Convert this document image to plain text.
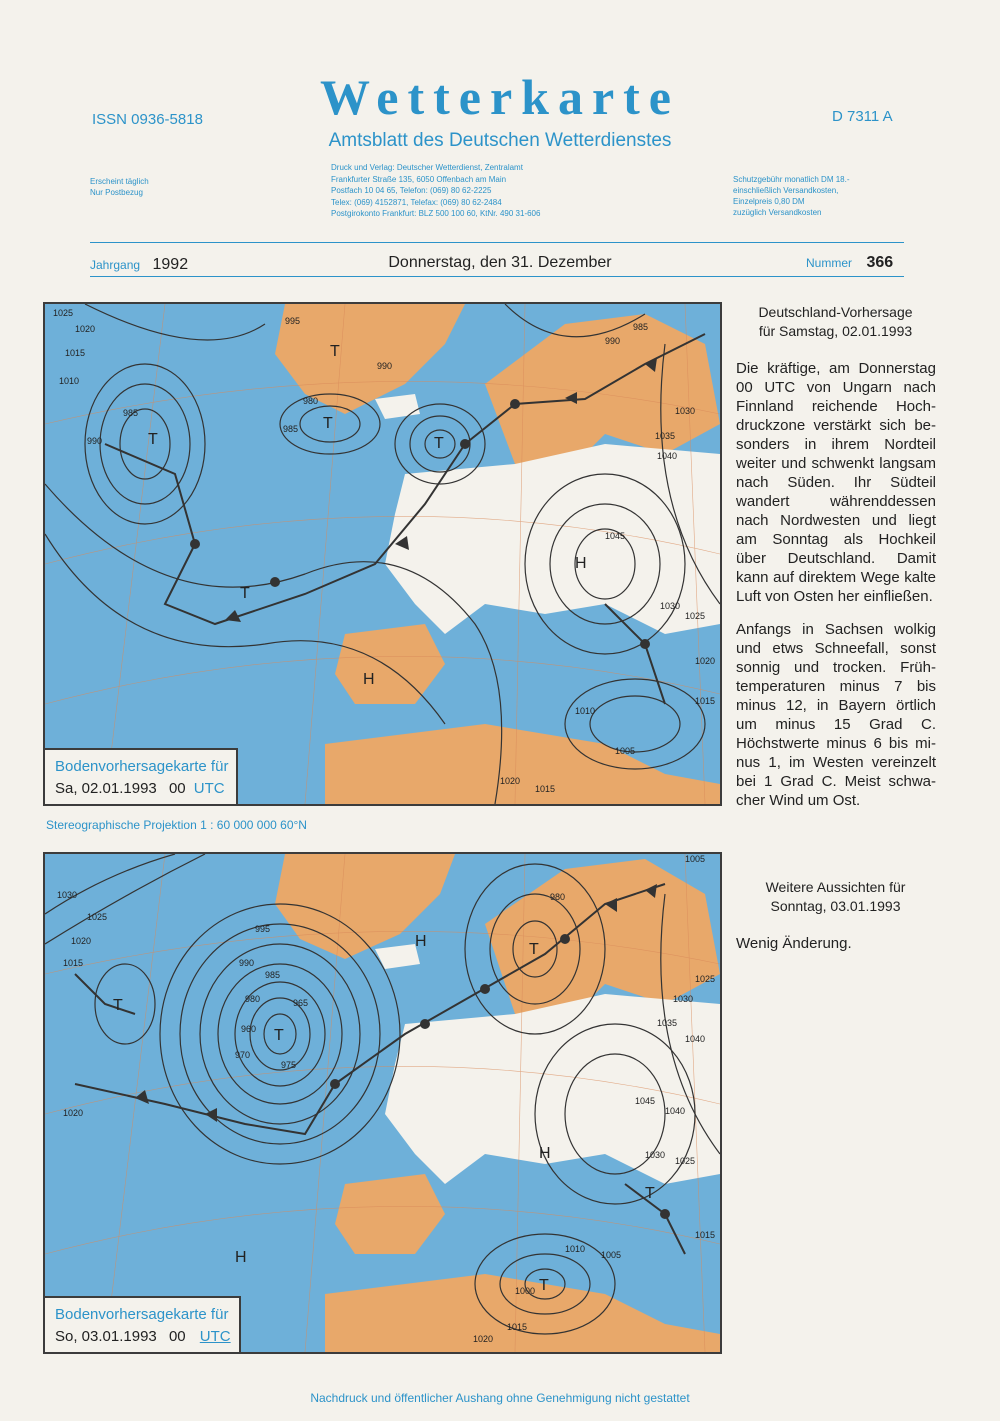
Wetterkarte
Amtsblatt des Deutschen Wetterdienstes
ISSN 0936-5818	D 7311 A
Erscheint täglich
Nur Postbezug
Druck und Verlag: Deutscher Wetterdienst, Zentralamt
Frankfurter Straße 135, 6050 Offenbach am Main
Postfach 10 04 65, Telefon: (069) 80 62-2225
Telex: (069) 4152871, Telefax: (069) 80 62-2484
Postgirokonto Frankfurt: BLZ 500 100 60, KtNr. 490 31-606
Schutzgebühr monatlich DM 18.-
einschließlich Versandkosten,
Einzelpreis 0,80 DM
zuzüglich Versandkosten
Jahrgang 1992	Donnerstag, den 31. Dezember	Nummer 366
1025
1020
1015
1010
985
990
980
985
990
990
985
1030
1035
1040
1045
1030
1025
1020
1015
1010
1005
1015
1020
995
T
T
T
T
H
H
T
Bodenvorhersagekarte für
Sa, 02.01.1993 00 UTC
Stereographische Projektion 1 : 60 000 000 60°N
1030
1025
1020
1015
995
990
985
980	965
960
970
975
1020
980
1005
1025
1030
1035
1040
1045
1040
1030
1025
1015
1010
1005
1000
1015
1020
T
T
T
H
H
H
T
T
Bodenvorhersagekarte für
So, 03.01.1993 00 UTC
Deutschland-Vorhersage
für Samstag, 02.01.1993

Die kräftige, am Donnerstag 00 UTC von Ungarn nach Finnland reichende Hochdruckzone verstärkt sich besonders in ihrem Nordteil weiter und schwenkt langsam nach Süden. Ihr Südteil wandert währenddessen nach Nordwesten und liegt am Sonntag als Hochkeil über Deutschland. Damit kann auf direktem Wege kalte Luft von Osten her einfließen.

Anfangs in Sachsen wolkig und etws Schneefall, sonst sonnig und trocken. Frühtemperaturen minus 7 bis minus 12, in Bayern örtlich um minus 15 Grad C. Höchstwerte minus 6 bis minus 1, im Westen vereinzelt bei 1 Grad C. Meist schwacher Wind um Ost.

Weitere Aussichten für
Sonntag, 03.01.1993

Wenig Änderung.

Nachdruck und öffentlicher Aushang ohne Genehmigung nicht gestattet
